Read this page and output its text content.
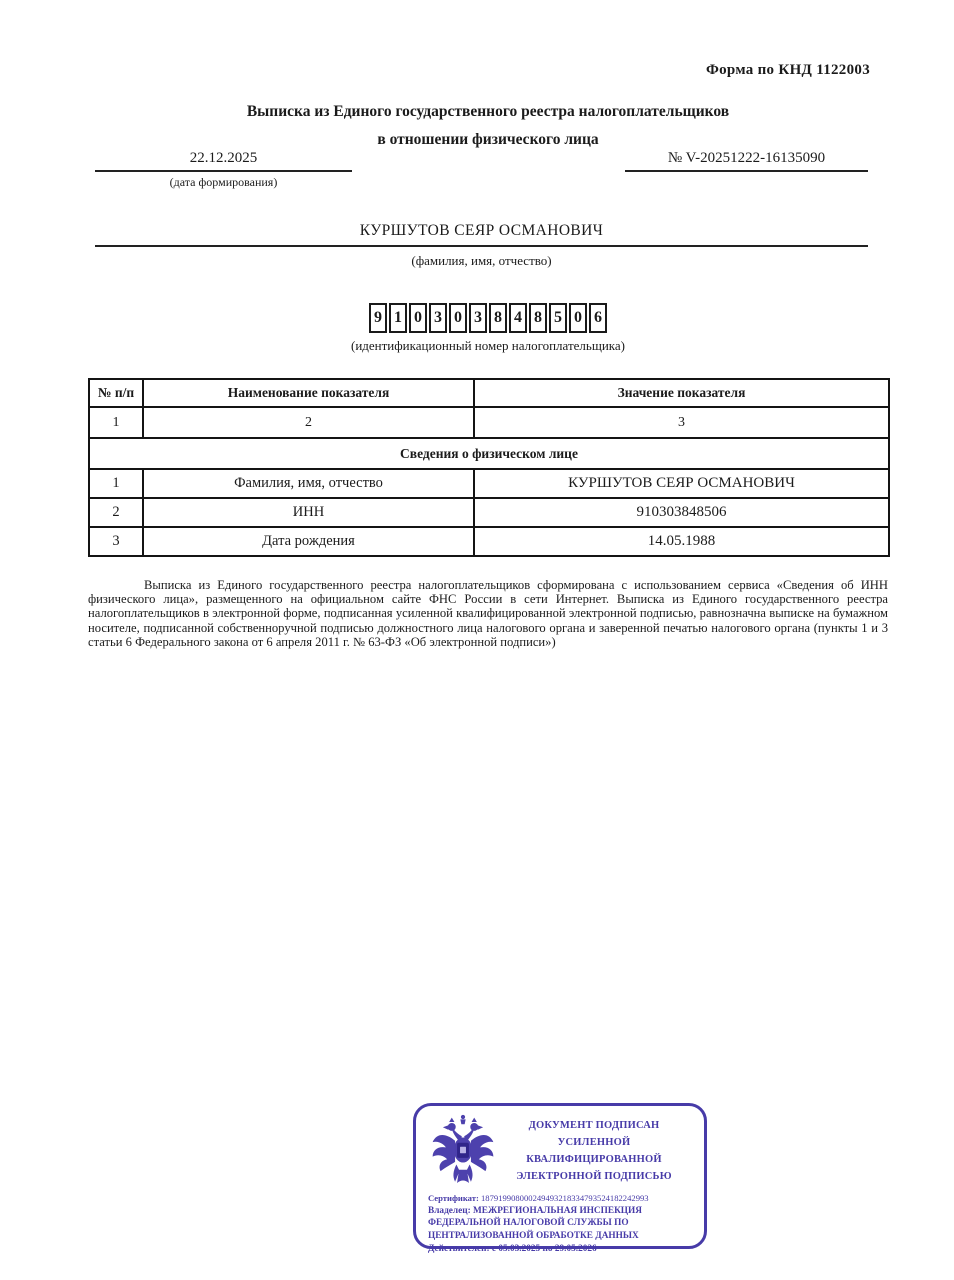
Форма по КНД 1122003
Выписка из Единого государственного реестра налогоплательщиков
в отношении физического лица
22.12.2025
(дата формирования)
№ V-20251222-16135090
КУРШУТОВ СЕЯР ОСМАНОВИЧ
(фамилия, имя, отчество)
9 1 0 3 0 3 8 4 8 5 0 6
(идентификационный номер налогоплательщика)
№ п/п	Наименование показателя	Значение показателя
1	2	3
Сведения о физическом лице		
1	Фамилия, имя, отчество	КУРШУТОВ СЕЯР ОСМАНОВИЧ
2	ИНН	910303848506
3	Дата рождения	14.05.1988

Выписка из Единого государственного реестра налогоплательщиков сформирована с использованием сервиса «Сведения об ИНН физического лица», размещенного на официальном сайте ФНС России в сети Интернет. Выписка из Единого государственного реестра налогоплательщиков в электронной форме, подписанная усиленной квалифицированной электронной подписью, равнозначна выписке на бумажном носителе, подписанной собственноручной подписью должностного лица налогового органа и заверенной печатью налогового органа (пункты 1 и 3 статьи 6 Федерального закона от 6 апреля 2011 г. № 63-ФЗ «Об электронной подписи»)

ДОКУМЕНТ ПОДПИСАН
УСИЛЕННОЙ КВАЛИФИЦИРОВАННОЙ
ЭЛЕКТРОННОЙ ПОДПИСЬЮ
Сертификат: 187919908000249493218334793524182242993
Владелец: МЕЖРЕГИОНАЛЬНАЯ ИНСПЕКЦИЯ ФЕДЕРАЛЬНОЙ НАЛОГОВОЙ СЛУЖБЫ ПО ЦЕНТРАЛИЗОВАННОЙ ОБРАБОТКЕ ДАННЫХ
Действителен: с 05.03.2025 по 29.05.2026
